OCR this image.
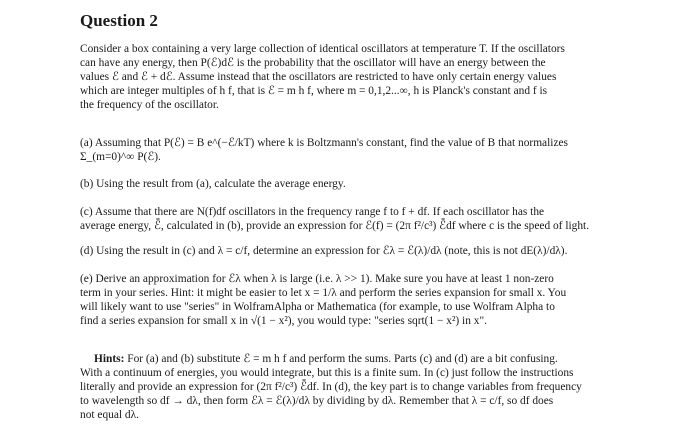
Question 2
Consider a box containing a very large collection of identical oscillators at temperature T. If the oscillators
can have any energy, then P(ℰ)dℰ is the probability that the oscillator will have an energy between the
values ℰ and ℰ + dℰ. Assume instead that the oscillators are restricted to have only certain energy values
which are integer multiples of h f, that is ℰ = m h f, where m = 0,1,2...∞, h is Planck's constant and f is
the frequency of the oscillator.
(a) Assuming that P(ℰ) = B e^(−ℰ/kT) where k is Boltzmann's constant, find the value of B that normalizes
Σ_(m=0)^∞ P(ℰ).
(b) Using the result from (a), calculate the average energy.
(c) Assume that there are N(f)df oscillators in the frequency range f to f + df. If each oscillator has the
average energy, ℰ̄, calculated in (b), provide an expression for ℰ(f) = (2π f²/c³) ℰ̄df where c is the speed of light.
(d) Using the result in (c) and λ = c/f, determine an expression for ℰλ = ℰ(λ)/dλ (note, this is not dE(λ)/dλ).
(e) Derive an approximation for ℰλ when λ is large (i.e. λ >> 1). Make sure you have at least 1 non-zero
term in your series. Hint: it might be easier to let x = 1/λ and perform the series expansion for small x. You
will likely want to use "series" in WolframAlpha or Mathematica (for example, to use Wolfram Alpha to
find a series expansion for small x in √(1 − x²), you would type: "series sqrt(1 − x²) in x".
Hints: For (a) and (b) substitute ℰ = m h f and perform the sums. Parts (c) and (d) are a bit confusing.
With a continuum of energies, you would integrate, but this is a finite sum. In (c) just follow the instructions
literally and provide an expression for (2π f²/c³) ℰ̄df. In (d), the key part is to change variables from frequency
to wavelength so df → dλ, then form ℰλ = ℰ(λ)/dλ by dividing by dλ. Remember that λ = c/f, so df does
not equal dλ.
